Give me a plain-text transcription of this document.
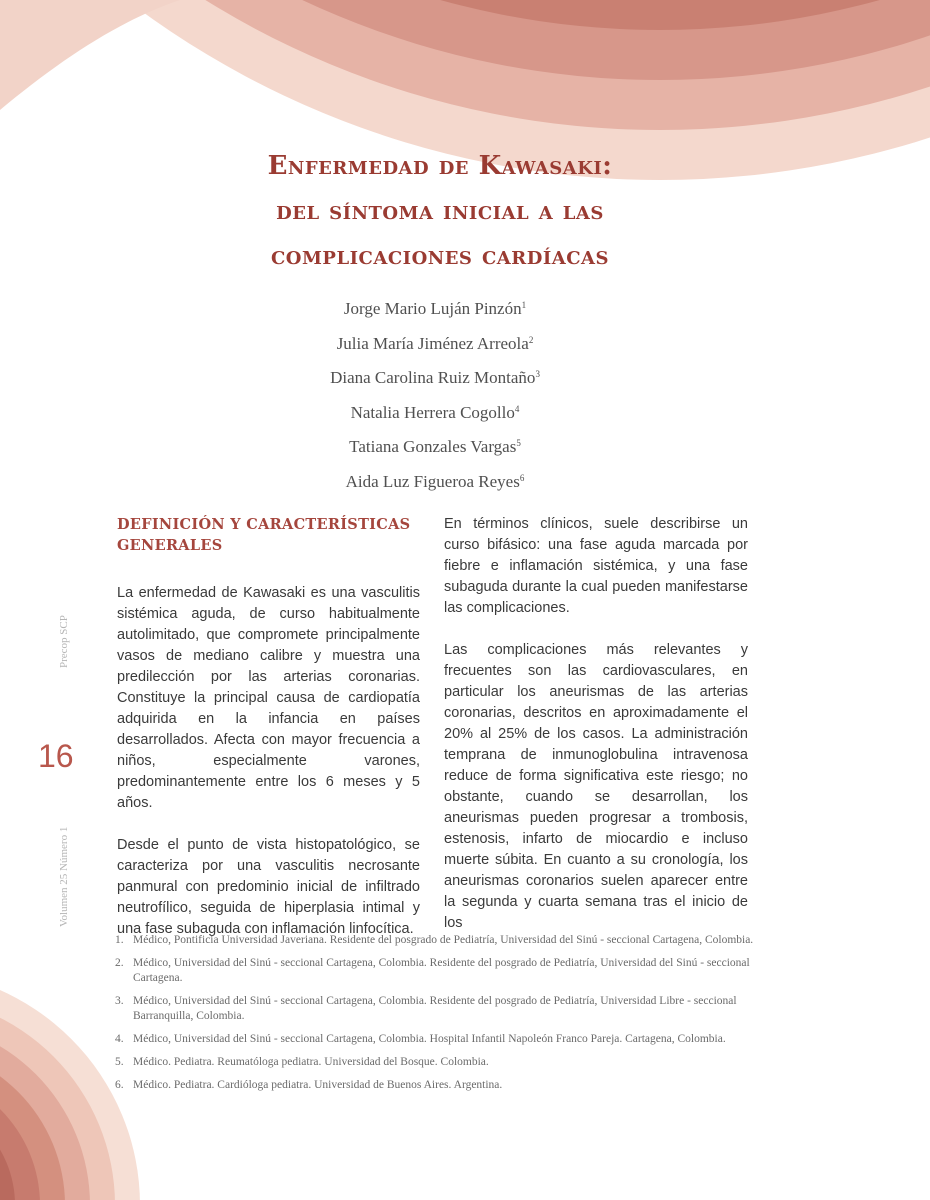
Enfermedad de Kawasaki:
del síntoma inicial a las
complicaciones cardíacas
Jorge Mario Luján Pinzón$^1$
Julia María Jiménez Arreola$^2$
Diana Carolina Ruiz Montaño$^3$
Natalia Herrera Cogollo$^4$
Tatiana Gonzales Vargas$^5$
Aida Luz Figueroa Reyes$^6$
Precop SCP
16
Volumen 25 Número 1
DEFINICIÓN Y CARACTERÍSTICAS GENERALES

La enfermedad de Kawasaki es una vasculitis sistémica aguda, de curso habitualmente autolimitado, que compromete principalmente vasos de mediano calibre y muestra una predilección por las arterias coronarias. Constituye la principal causa de cardiopatía adquirida en la infancia en países desarrollados. Afecta con mayor frecuencia a niños, especialmente varones, predominantemente entre los 6 meses y 5 años.

Desde el punto de vista histopatológico, se caracteriza por una vasculitis necrosante panmural con predominio inicial de infiltrado neutrofílico, seguida de hiperplasia intimal y una fase subaguda con inflamación linfocítica.

En términos clínicos, suele describirse un curso bifásico: una fase aguda marcada por fiebre e inflamación sistémica, y una fase subaguda durante la cual pueden manifestarse las complicaciones.

Las complicaciones más relevantes y frecuentes son las cardiovasculares, en particular los aneurismas de las arterias coronarias, descritos en aproximadamente el 20% al 25% de los casos. La administración temprana de inmunoglobulina intravenosa reduce de forma significativa este riesgo; no obstante, cuando se desarrollan, los aneurismas pueden progresar a trombosis, estenosis, infarto de miocardio e incluso muerte súbita. En cuanto a su cronología, los aneurismas coronarios suelen aparecer entre la segunda y cuarta semana tras el inicio de los

1. Médico, Pontificia Universidad Javeriana. Residente del posgrado de Pediatría, Universidad del Sinú - seccional Cartagena, Colombia.
2. Médico, Universidad del Sinú - seccional Cartagena, Colombia. Residente del posgrado de Pediatría, Universidad del Sinú - seccional Cartagena.
3. Médico, Universidad del Sinú - seccional Cartagena, Colombia. Residente del posgrado de Pediatría, Universidad Libre - seccional Barranquilla, Colombia.
4. Médico, Universidad del Sinú - seccional Cartagena, Colombia. Hospital Infantil Napoleón Franco Pareja. Cartagena, Colombia.
5. Médico. Pediatra. Reumatóloga pediatra. Universidad del Bosque. Colombia.
6. Médico. Pediatra. Cardióloga pediatra. Universidad de Buenos Aires. Argentina.
